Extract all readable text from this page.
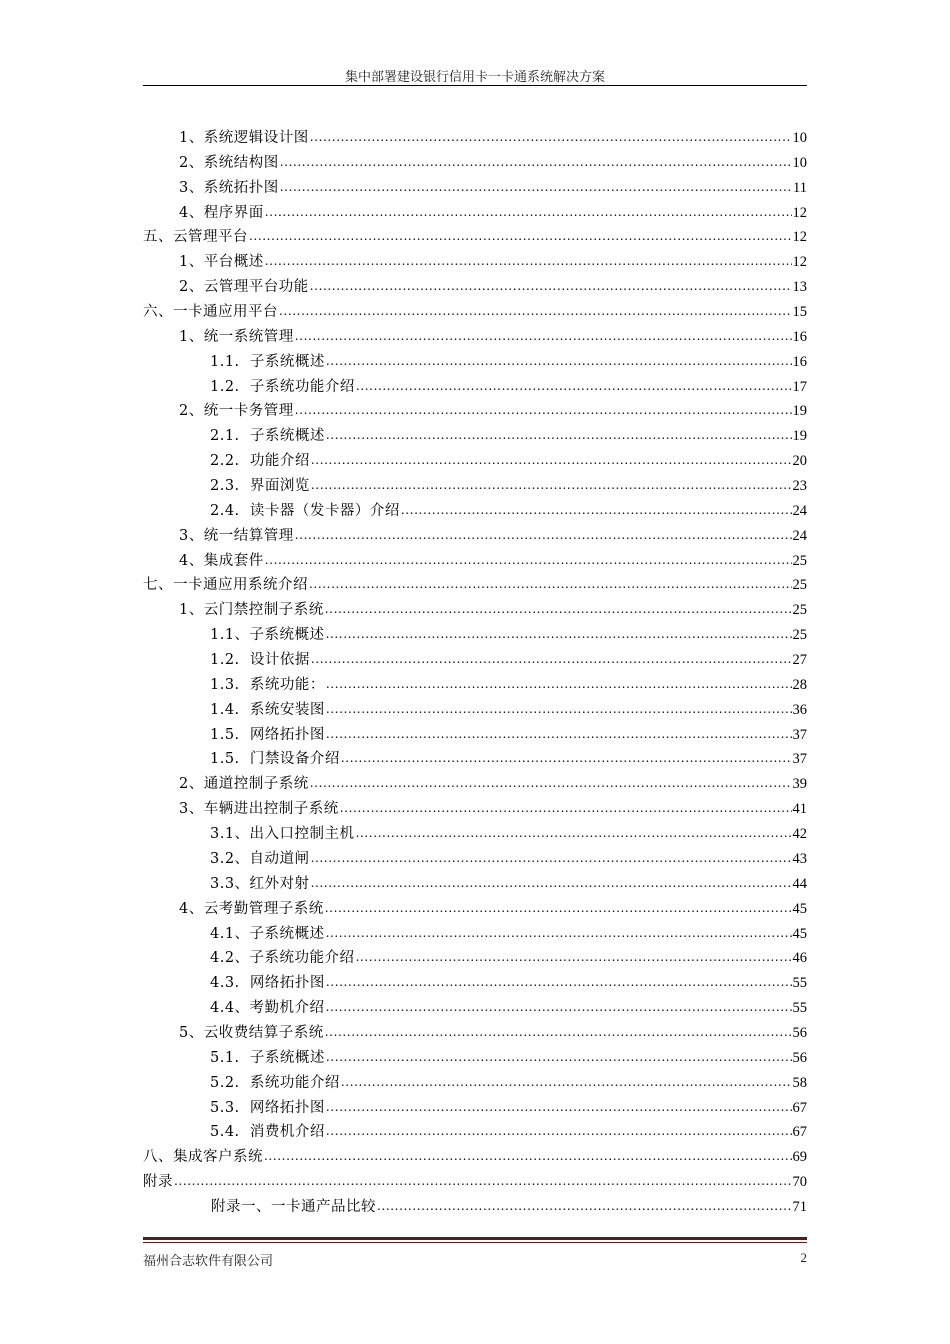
集中部署建设银行信用卡一卡通系统解决方案
1、系统逻辑设计图 .....	10
2、系统结构图 .....	10
3、系统拓扑图 .....	11
4、程序界面 .....	12
五、云管理平台 .....	12
1、平台概述 .....	12
2、云管理平台功能 .....	13
六、一卡通应用平台 .....	15
1、统一系统管理 .....	16
1.1.  子系统概述 .....	16
1.2.  子系统功能介绍 .....	17
2、统一卡务管理 .....	19
2.1.  子系统概述 .....	19
2.2.  功能介绍 .....	20
2.3.  界面浏览 .....	23
2.4.  读卡器（发卡器）介绍 .....	24
3、统一结算管理 .....	24
4、集成套件 .....	25
七、一卡通应用系统介绍 .....	25
1、云门禁控制子系统 .....	25
1.1、子系统概述 .....	25
1.2.  设计依据 .....	27
1.3.  系统功能： .....	28
1.4.  系统安装图 .....	36
1.5.  网络拓扑图 .....	37
1.5.  门禁设备介绍 .....	37
2、通道控制子系统 .....	39
3、车辆进出控制子系统 .....	41
3.1、出入口控制主机 .....	42
3.2、自动道闸 .....	43
3.3、红外对射 .....	44
4、云考勤管理子系统 .....	45
4.1、子系统概述 .....	45
4.2、子系统功能介绍 .....	46
4.3.  网络拓扑图 .....	55
4.4、考勤机介绍 .....	55
5、云收费结算子系统 .....	56
5.1.  子系统概述 .....	56
5.2.  系统功能介绍 .....	58
5.3.  网络拓扑图 .....	67
5.4.  消费机介绍 .....	67
八、集成客户系统 .....	69
附录 .....	70
附录一、一卡通产品比较 .....	71
福州合志软件有限公司	2
